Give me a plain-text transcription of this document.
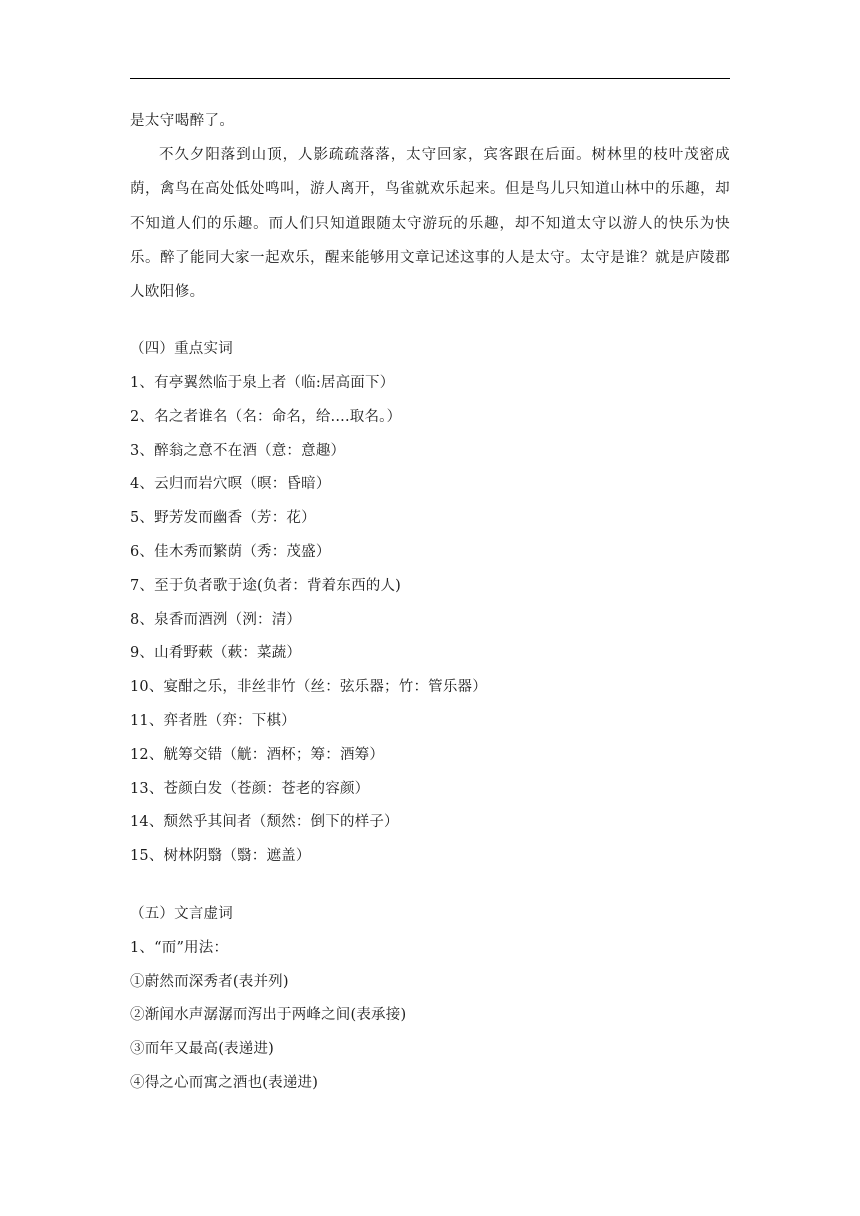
是太守喝醉了。

不久夕阳落到山顶，人影疏疏落落，太守回家，宾客跟在后面。树林里的枝叶茂密成荫，禽鸟在高处低处鸣叫，游人离开，鸟雀就欢乐起来。但是鸟儿只知道山林中的乐趣，却不知道人们的乐趣。而人们只知道跟随太守游玩的乐趣，却不知道太守以游人的快乐为快乐。醉了能同大家一起欢乐，醒来能够用文章记述这事的人是太守。太守是谁？就是庐陵郡人欧阳修。

（四）重点实词

1、有亭翼然临于泉上者（临:居高面下）

2、名之者谁名（名：命名，给....取名。）

3、醉翁之意不在酒（意：意趣）

4、云归而岩穴暝（暝：昏暗）

5、野芳发而幽香（芳：花）

6、佳木秀而繁荫（秀：茂盛）

7、至于负者歌于途(负者：背着东西的人)

8、泉香而酒洌（洌：清）

9、山肴野蔌（蔌：菜蔬）

10、宴酣之乐，非丝非竹（丝：弦乐器；竹：管乐器）

11、弈者胜（弈：下棋）

12、觥筹交错（觥：酒杯；筹：酒筹）

13、苍颜白发（苍颜：苍老的容颜）

14、颓然乎其间者（颓然：倒下的样子）

15、树林阴翳（翳：遮盖）

（五）文言虚词

1、“而”用法：

①蔚然而深秀者(表并列)

②渐闻水声潺潺而泻出于两峰之间(表承接)

③而年又最高(表递进)

④得之心而寓之酒也(表递进)
